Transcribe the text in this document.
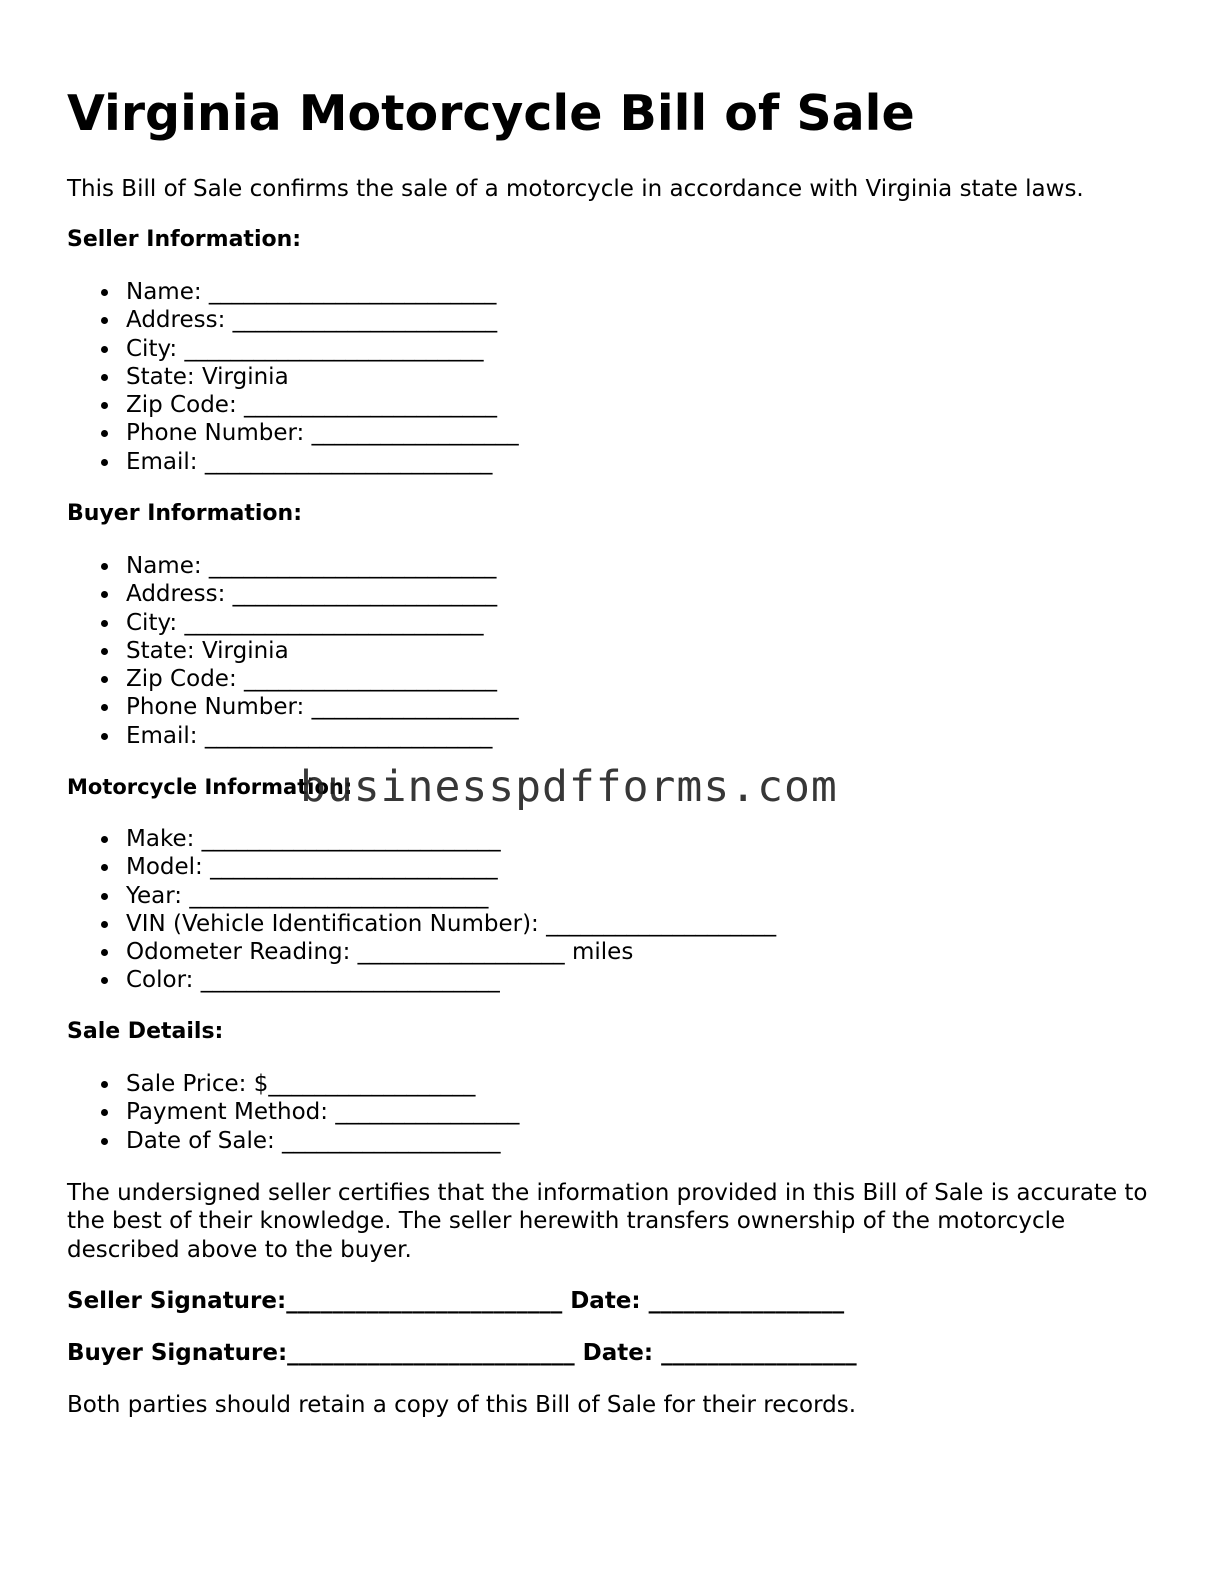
Virginia Motorcycle Bill of Sale
This Bill of Sale confirms the sale of a motorcycle in accordance with Virginia state laws.
Seller Information:
Name: _________________________
Address: _______________________
City: __________________________
State: Virginia
Zip Code: ______________________
Phone Number: __________________
Email: _________________________
Buyer Information:
Name: _________________________
Address: _______________________
City: __________________________
State: Virginia
Zip Code: ______________________
Phone Number: __________________
Email: _________________________
Motorcycle Information:
Make: __________________________
Model: _________________________
Year: __________________________
VIN (Vehicle Identification Number): ____________________
Odometer Reading: __________________ miles
Color: __________________________
Sale Details:
Sale Price: $__________________
Payment Method: ________________
Date of Sale: ___________________
The undersigned seller certifies that the information provided in this Bill of Sale is accurate to the best of their knowledge. The seller herewith transfers ownership of the motorcycle described above to the buyer.
Seller Signature:________________________ Date: _________________
Buyer Signature:_________________________ Date: _________________
Both parties should retain a copy of this Bill of Sale for their records.
businesspdfforms.com
